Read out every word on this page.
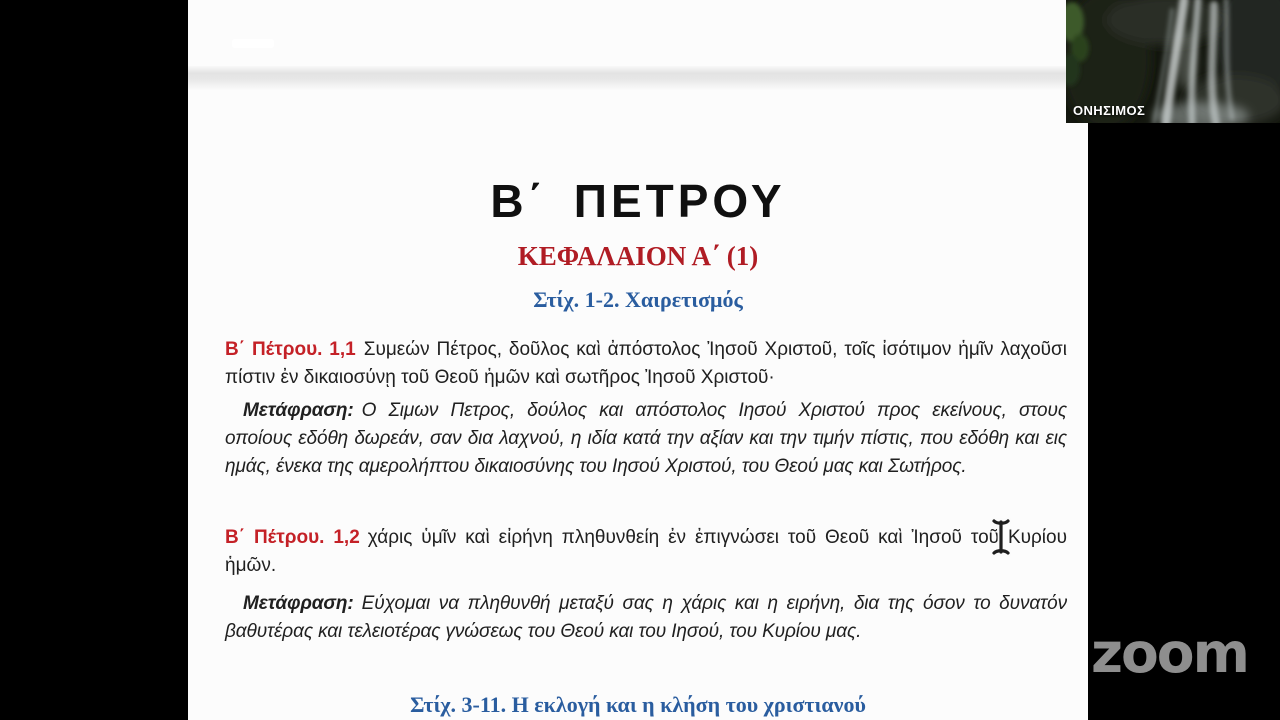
Β΄ ΠΕΤΡΟΥ
ΚΕΦΑΛΑΙΟΝ Α΄ (1)
Στίχ. 1-2. Χαιρετισμός

Β΄ Πέτρου. 1,1 Συμεών Πέτρος, δοῦλος καὶ ἀπόστολος Ἰησοῦ Χριστοῦ, τοῖς ἰσότιμον ἡμῖν λαχοῦσι πίστιν ἐν δικαιοσύνῃ τοῦ Θεοῦ ἡμῶν καὶ σωτῆρος Ἰησοῦ Χριστοῦ·

Μετάφραση: Ο Σιμων Πετρος, δούλος και απόστολος Ιησού Χριστού προς εκείνους, στους οποίους εδόθη δωρεάν, σαν δια λαχνού, η ιδία κατά την αξίαν και την τιμήν πίστις, που εδόθη και εις ημάς, ένεκα της αμερολήπτου δικαιοσύνης του Ιησού Χριστού, του Θεού μας και Σωτήρος.

Β΄ Πέτρου. 1,2 χάρις ὑμῖν καὶ εἰρήνη πληθυνθείη ἐν ἐπιγνώσει τοῦ Θεοῦ καὶ Ἰησοῦ τοῦ Κυρίου ἡμῶν.

Μετάφραση: Εύχομαι να πληθυνθή μεταξύ σας η χάρις και η ειρήνη, δια της όσον το δυνατόν βαθυτέρας και τελειοτέρας γνώσεως του Θεού και του Ιησού, του Κυρίου μας.

Στίχ. 3-11. Η εκλογή και η κλήση του χριστιανού
ΟΝΗΣΙΜΟΣ
zoom
